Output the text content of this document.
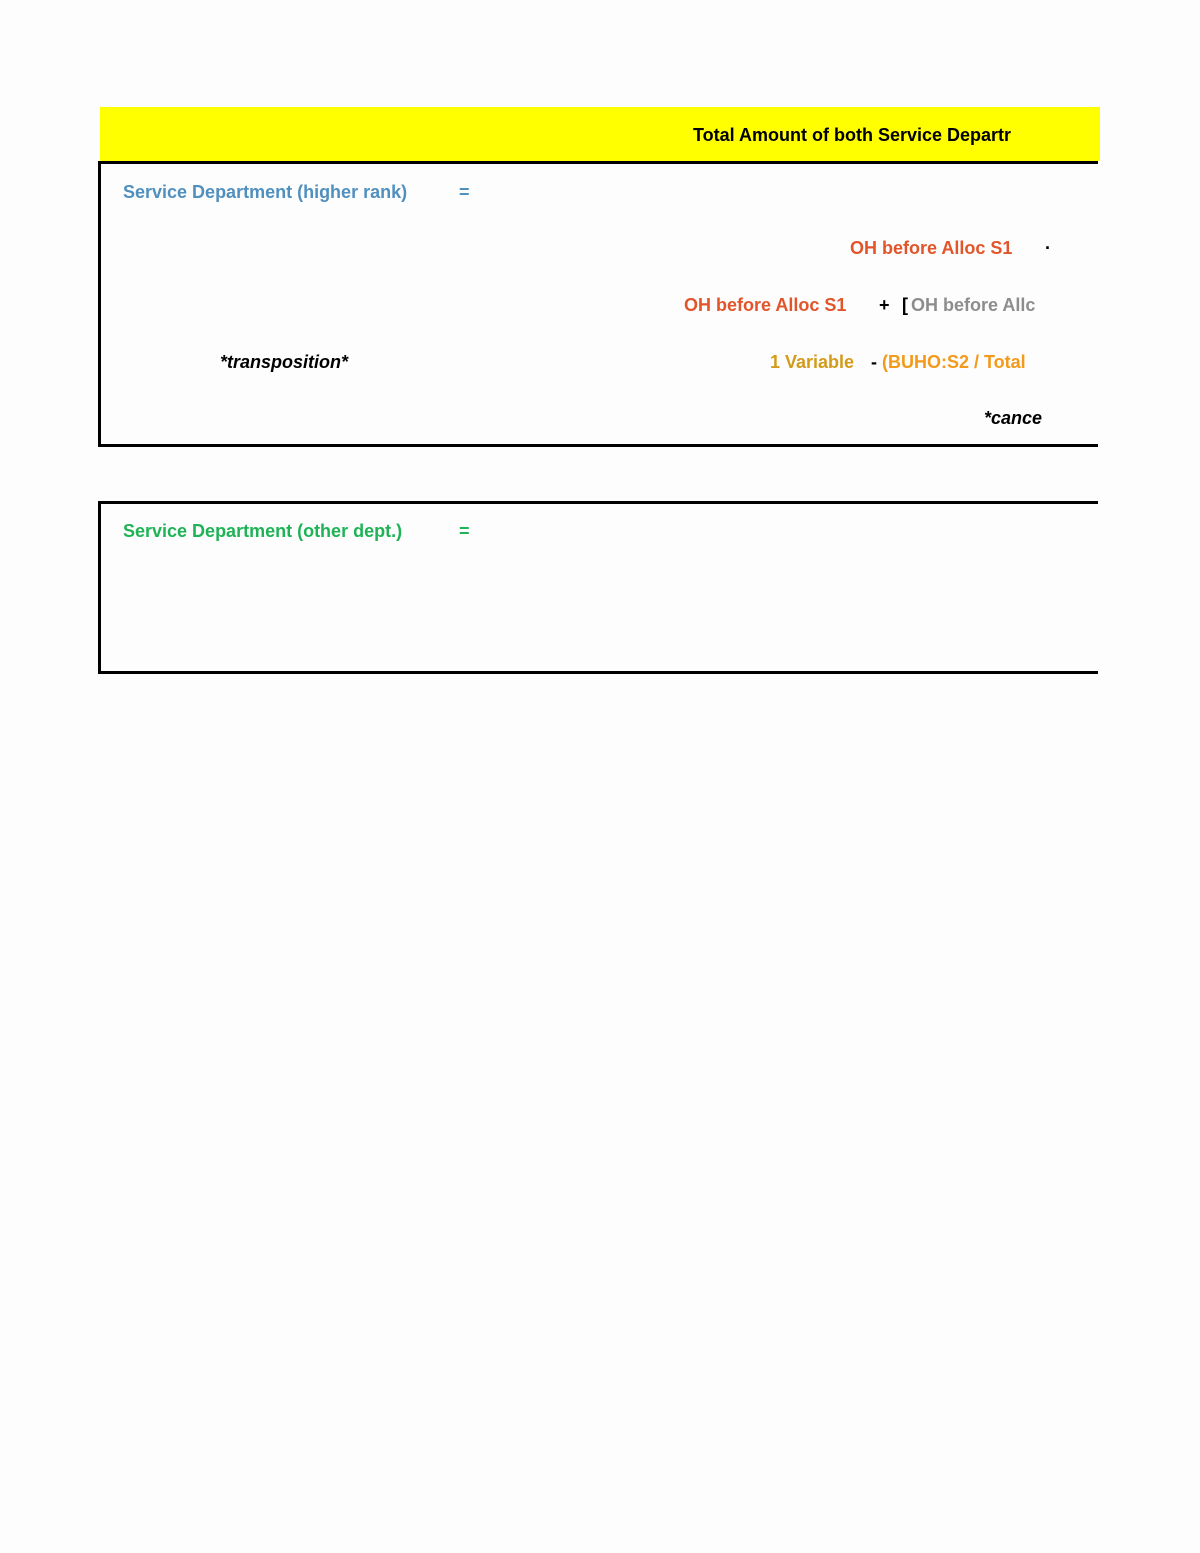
Total Amount of both Service Departr
Service Department (higher rank)	=
OH before Alloc S1 ·
OH before Alloc S1 + [ OH before Allc
*transposition*	1 Variable - (BUHO:S2 / Total
*cance
Service Department (other dept.)	=
